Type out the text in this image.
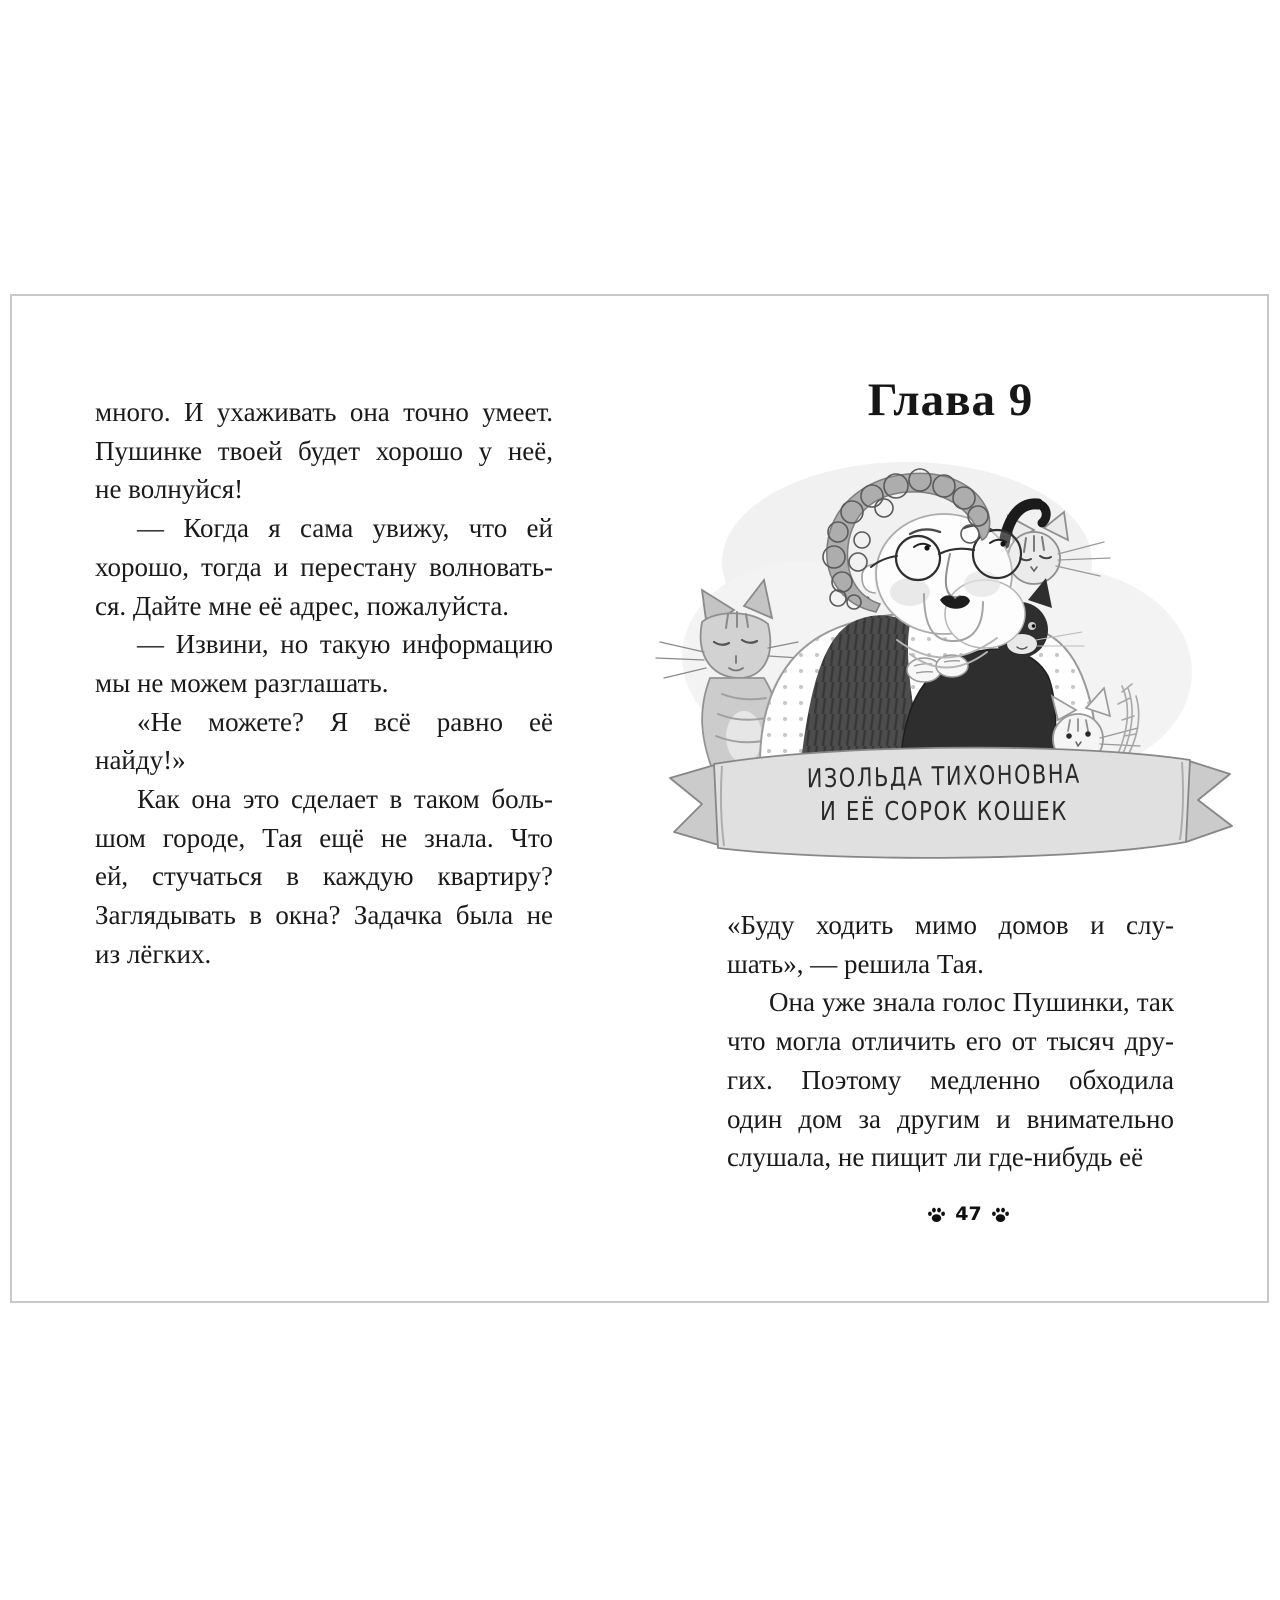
много. И ухаживать она точно умеет.
Пушинке твоей будет хорошо у неё,
не волнуйся!
— Когда я сама увижу, что ей
хорошо, тогда и перестану волновать-
ся. Дайте мне её адрес, пожалуйста.
— Извини, но такую информацию
мы не можем разглашать.
«Не можете? Я всё равно её
найду!»
Как она это сделает в таком боль-
шом городе, Тая ещё не знала. Что
ей, стучаться в каждую квартиру?
Заглядывать в окна? Задачка была не
из лёгких.
Глава 9
ИЗОЛЬДА ТИХОНОВНА
И ЕЁ СОРОК КОШЕК
«Буду ходить мимо домов и слу-
шать», — решила Тая.
Она уже знала голос Пушинки, так
что могла отличить его от тысяч дру-
гих. Поэтому медленно обходила
один дом за другим и внимательно
слушала, не пищит ли где-нибудь её
47
